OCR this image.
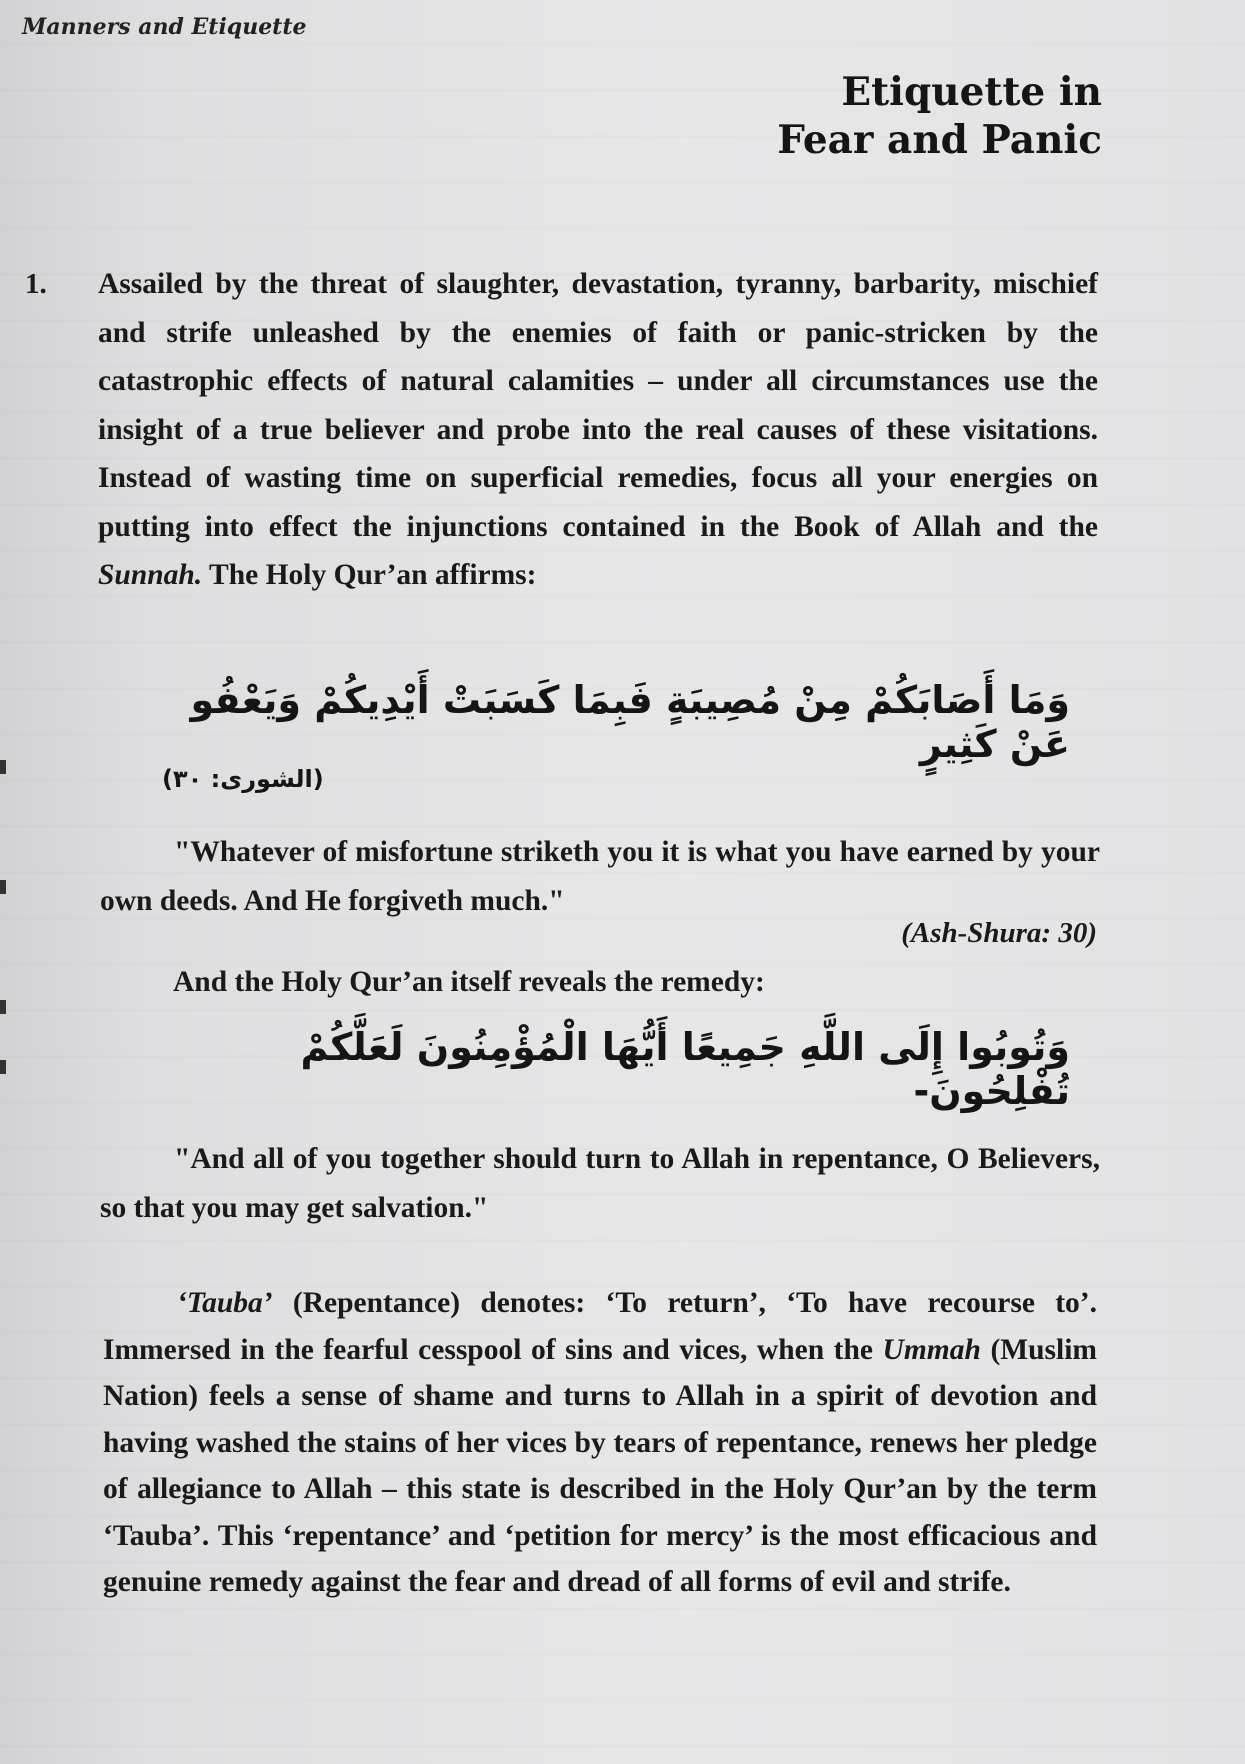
Manners and Etiquette
Etiquette in
Fear and Panic
1. Assailed by the threat of slaughter, devastation, tyranny, barbarity, mischief and strife unleashed by the enemies of faith or panic-stricken by the catastrophic effects of natural calamities – under all circumstances use the insight of a true believer and probe into the real causes of these visitations. Instead of wasting time on superficial remedies, focus all your energies on putting into effect the injunctions contained in the Book of Allah and the Sunnah. The Holy Qur’an affirms:

وَمَا أَصَابَكُمْ مِنْ مُصِيبَةٍ فَبِمَا كَسَبَتْ أَيْدِيكُمْ وَيَعْفُو عَنْ كَثِيرٍ
(الشورى: ٣٠)

"Whatever of misfortune striketh you it is what you have earned by your own deeds. And He forgiveth much."

(Ash-Shura: 30)

And the Holy Qur’an itself reveals the remedy:

وَتُوبُوا إِلَى اللَّهِ جَمِيعًا أَيُّهَا الْمُؤْمِنُونَ لَعَلَّكُمْ تُفْلِحُونَ-

"And all of you together should turn to Allah in repentance, O Believers, so that you may get salvation."

‘Tauba’ (Repentance) denotes: ‘To return’, ‘To have recourse to’. Immersed in the fearful cesspool of sins and vices, when the Ummah (Muslim Nation) feels a sense of shame and turns to Allah in a spirit of devotion and having washed the stains of her vices by tears of repentance, renews her pledge of allegiance to Allah – this state is described in the Holy Qur’an by the term ‘Tauba’. This ‘repentance’ and ‘petition for mercy’ is the most efficacious and genuine remedy against the fear and dread of all forms of evil and strife.
